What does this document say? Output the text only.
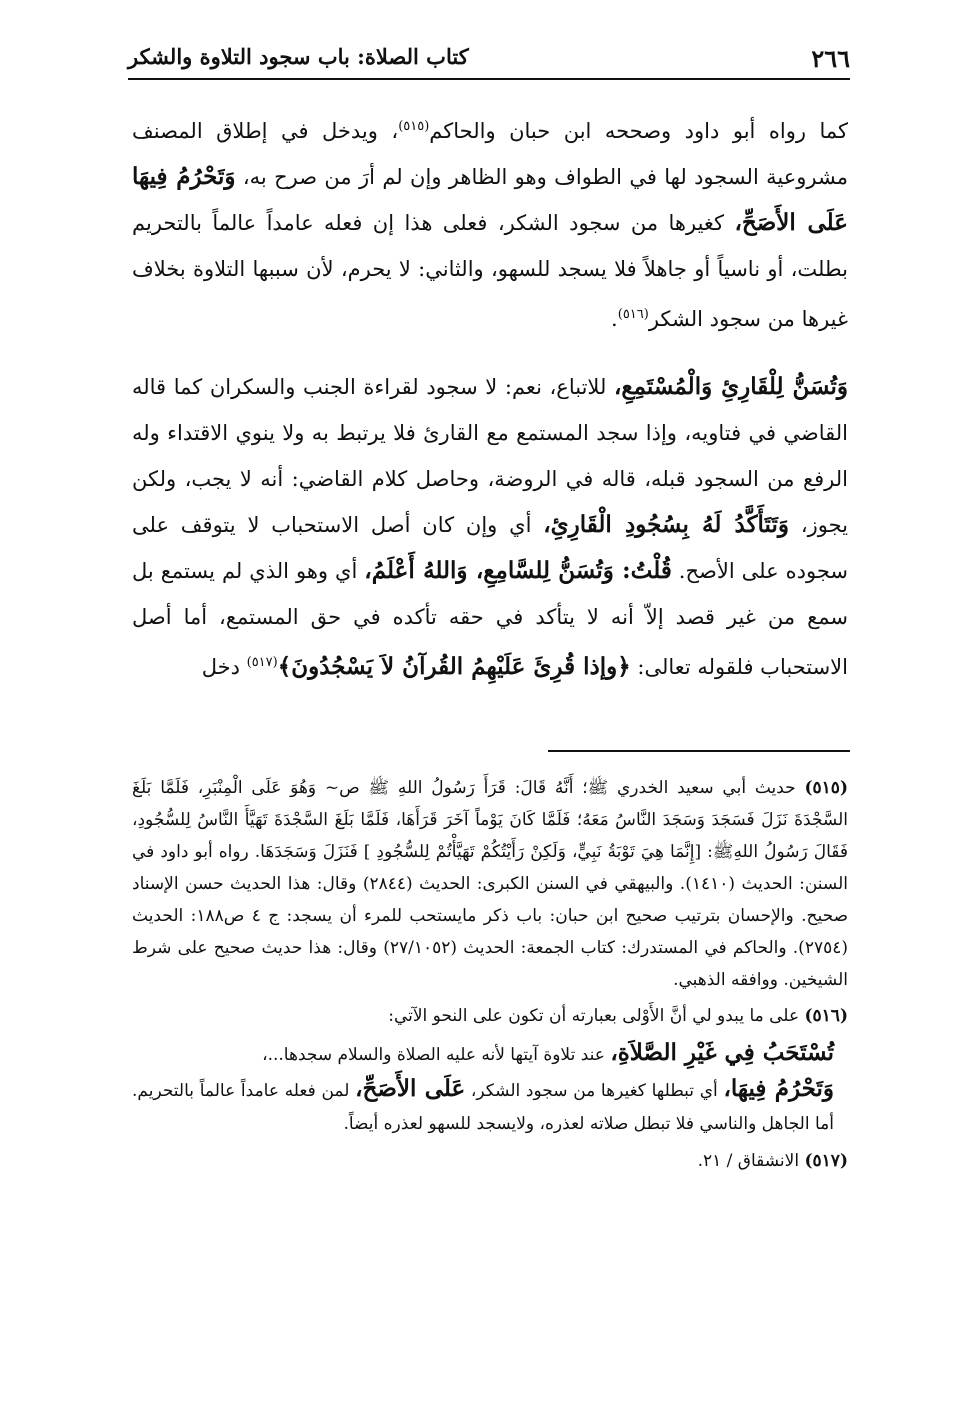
٢٦٦
كتاب الصلاة: باب سجود التلاوة والشكر

كما رواه أبو داود وصححه ابن حبان والحاكم$^{(٥١٥)}$، ويدخل في إطلاق المصنف مشروعية السجود لها في الطواف وهو الظاهر وإن لم أرَ من صرح به، وَتَحْرُمُ فِيهَا عَلَى الأَصَحِّ، كغيرها من سجود الشكر، فعلى هذا إن فعله عامداً عالماً بالتحريم بطلت، أو ناسياً أو جاهلاً فلا يسجد للسهو، والثاني: لا يحرم، لأن سببها التلاوة بخلاف غيرها من سجود الشكر$^{(٥١٦)}$.

وَتُسَنُّ لِلْقَارِئِ وَالْمُسْتَمِعِ، للاتباع، نعم: لا سجود لقراءة الجنب والسكران كما قاله القاضي في فتاويه، وإذا سجد المستمع مع القارئ فلا يرتبط به ولا ينوي الاقتداء وله الرفع من السجود قبله، قاله في الروضة، وحاصل كلام القاضي: أنه لا يجب، ولكن يجوز، وَتَتَأَكَّدُ لَهُ بِسُجُودِ الْقَارِئِ، أي وإن كان أصل الاستحباب لا يتوقف على سجوده على الأصح. قُلْتُ: وَتُسَنُّ لِلسَّامِعِ، وَاللهُ أَعْلَمُ، أي وهو الذي لم يستمع بل سمع من غير قصد إلاّ أنه لا يتأكد في حقه تأكده في حق المستمع، أما أصل الاستحباب فلقوله تعالى: ﴿وإذا قُرِئَ عَلَيْهِمُ القُرآنُ لاَ يَسْجُدُونَ﴾$^{(٥١٧)}$ دخل

(٥١٥) حديث أبي سعيد الخدري ﷺ؛ أَنَّهُ قَالَ: قَرَأَ رَسُولُ اللهِ ﷺ ص~ وَهُوَ عَلَى الْمِنْبَرِ، فَلَمَّا بَلَغَ السَّجْدَةَ نَزَلَ فَسَجَدَ وَسَجَدَ النَّاسُ مَعَهُ؛ فَلَمَّا كَانَ يَوْماً آخَرَ قَرَأَهَا، فَلَمَّا بَلَغَ السَّجْدَةَ تَهَيَّأَ النَّاسُ لِلسُّجُودِ، فَقَالَ رَسُولُ اللهِﷺ: [إِنَّمَا هِيَ تَوْبَةُ نَبِيٍّ، وَلَكِنْ رَأَيْتُكُمْ تَهَيَّأْتُمْ لِلسُّجُودِ ] فَنَزَلَ وَسَجَدَهَا. رواه أبو داود في السنن: الحديث (١٤١٠). والبيهقي في السنن الكبرى: الحديث (٢٨٤٤) وقال: هذا الحديث حسن الإسناد صحيح. والإحسان بترتيب صحيح ابن حبان: باب ذكر مايستحب للمرء أن يسجد: ج ٤ ص١٨٨: الحديث (٢٧٥٤). والحاكم في المستدرك: كتاب الجمعة: الحديث (٢٧/١٠٥٢) وقال: هذا حديث صحيح على شرط الشيخين. ووافقه الذهبي.

(٥١٦) على ما يبدو لي أنَّ الأَوْلى بعبارته أن تكون على النحو الآتي:

تُسْتَحَبُ فِي غَيْرِ الصَّلاَةِ، عند تلاوة آيتها لأنه عليه الصلاة والسلام سجدها...،

وَتَحْرُمُ فِيهَا، أي تبطلها كغيرها من سجود الشكر، عَلَى الأَصَحِّ، لمن فعله عامداً عالماً بالتحريم. أما الجاهل والناسي فلا تبطل صلاته لعذره، ولايسجد للسهو لعذره أيضاً.

(٥١٧) الانشقاق / ٢١.
